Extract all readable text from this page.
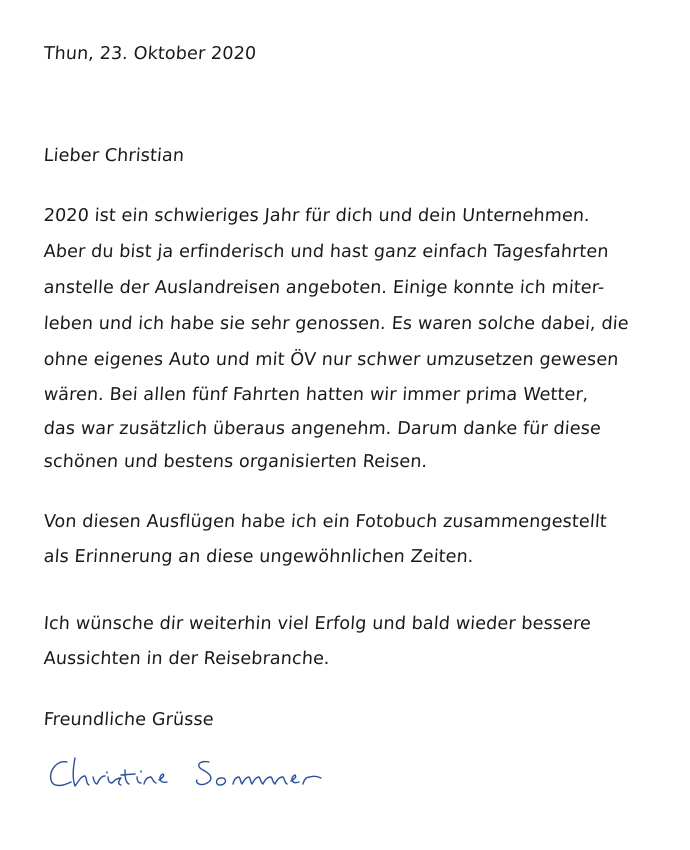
Thun, 23. Oktober 2020
Lieber Christian
2020 ist ein schwieriges Jahr für dich und dein Unternehmen.
Aber du bist ja erfinderisch und hast ganz einfach Tagesfahrten
anstelle der Auslandreisen angeboten. Einige konnte ich miter-
leben und ich habe sie sehr genossen. Es waren solche dabei, die
ohne eigenes Auto und mit ÖV nur schwer umzusetzen gewesen
wären. Bei allen fünf Fahrten hatten wir immer prima Wetter,
das war zusätzlich überaus angenehm. Darum danke für diese
schönen und bestens organisierten Reisen.
Von diesen Ausflügen habe ich ein Fotobuch zusammengestellt
als Erinnerung an diese ungewöhnlichen Zeiten.
Ich wünsche dir weiterhin viel Erfolg und bald wieder bessere
Aussichten in der Reisebranche.
Freundliche Grüsse
